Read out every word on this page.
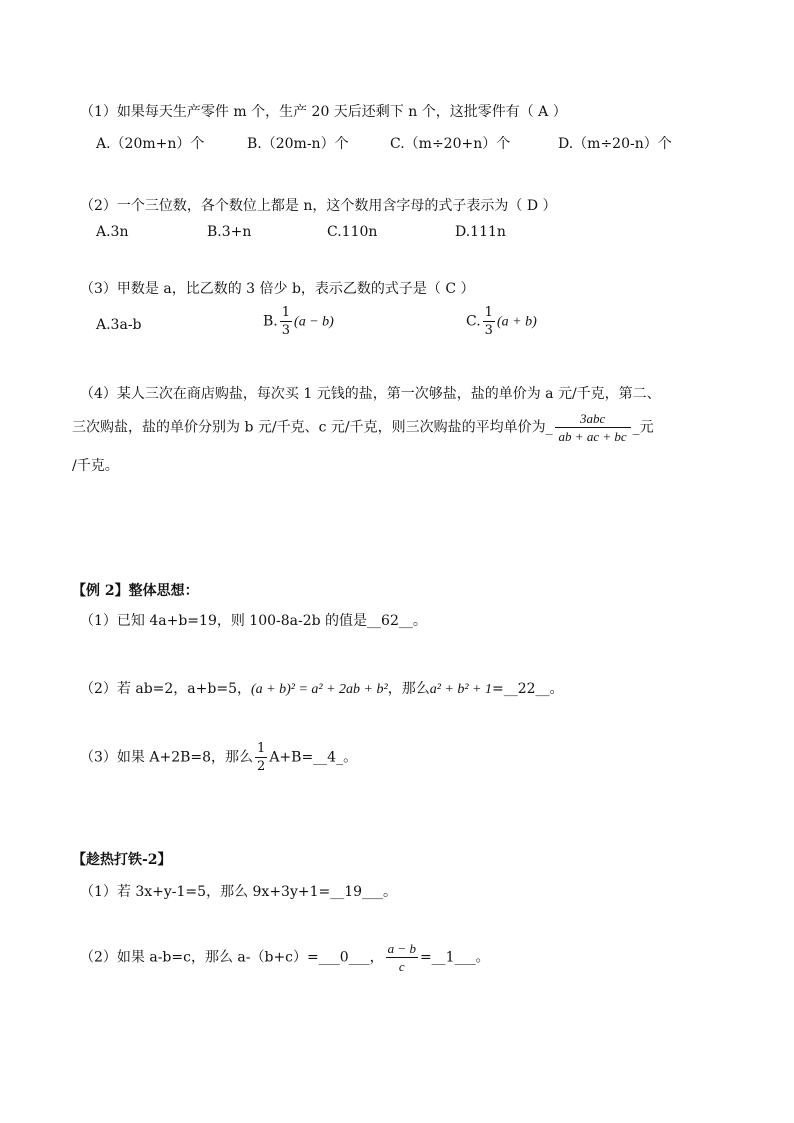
（1）如果每天生产零件 m 个，生产 20 天后还剩下 n 个，这批零件有（ A ）
A.（20m+n）个	B.（20m-n）个	C.（m÷20+n）个	D.（m÷20-n）个
（2）一个三位数，各个数位上都是 n，这个数用含字母的式子表示为（ D ）
A.3n	B.3+n	C.110n	D.111n
（3）甲数是 a，比乙数的 3 倍少 b，表示乙数的式子是（ C ）
A.3a-b	B. $\frac{1}{3} (a - b)$	C. $\frac{1}{3} (a + b)$
（4）某人三次在商店购盐，每次买 1 元钱的盐，第一次够盐，盐的单价为 a 元/千克，第二、
三次购盐，盐的单价分别为 b 元/千克、c 元/千克，则三次购盐的平均单价为_ $\frac{\text{3abc}}{ab + ac + bc}$ _元
/千克。
【例 2】整体思想：
（1）已知 4a+b=19，则 100-8a-2b 的值是__62__。
（2）若 ab=2，a+b=5，(a + b)² = a² + 2ab + b²，那么a² + b² + 1=__22__。
（3）如果 A+2B=8，那么 $\frac{1}{2}$ A+B=__4_。
【趁热打铁-2】
（1）若 3x+y-1=5，那么 9x+3y+1=__19___。
（2）如果 a-b=c，那么 a-（b+c）=___0___， $\frac{a - b}{c}$ =__1___。
